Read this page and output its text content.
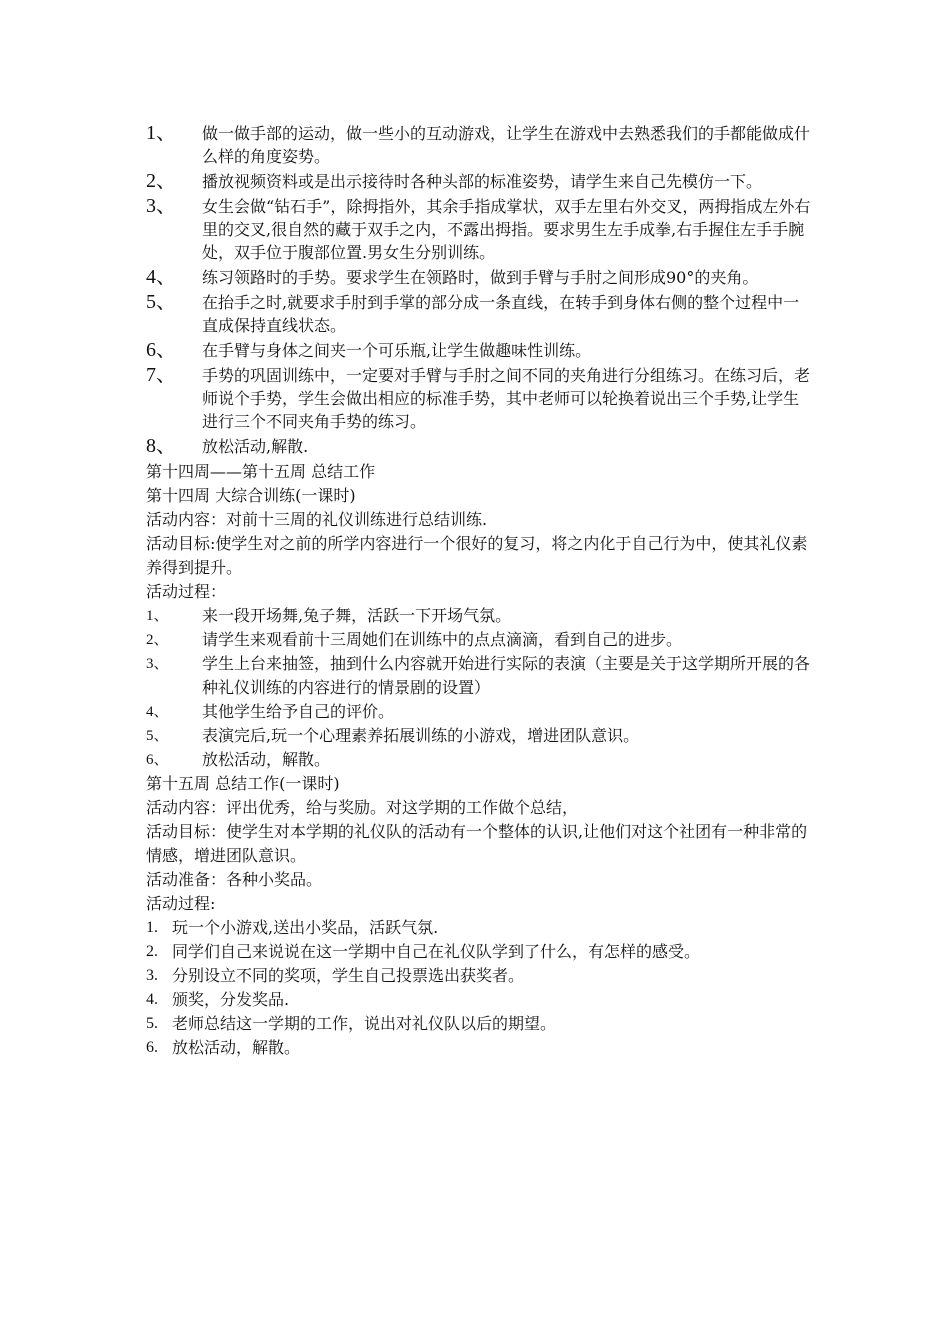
1、	做一做手部的运动，做一些小的互动游戏，让学生在游戏中去熟悉我们的手都能做成什么样的角度姿势。
2、	播放视频资料或是出示接待时各种头部的标准姿势，请学生来自己先模仿一下。
3、	女生会做“钻石手”，除拇指外，其余手指成掌状，双手左里右外交叉，两拇指成左外右里的交叉,很自然的藏于双手之内，不露出拇指。要求男生左手成拳,右手握住左手手腕处，双手位于腹部位置.男女生分别训练。
4、	练习领路时的手势。要求学生在领路时，做到手臂与手肘之间形成90°的夹角。
5、	在抬手之时,就要求手肘到手掌的部分成一条直线，在转手到身体右侧的整个过程中一直成保持直线状态。
6、	在手臂与身体之间夹一个可乐瓶,让学生做趣味性训练。
7、	手势的巩固训练中，一定要对手臂与手肘之间不同的夹角进行分组练习。在练习后，老师说个手势，学生会做出相应的标准手势，其中老师可以轮换着说出三个手势,让学生进行三个不同夹角手势的练习。
8、	放松活动,解散.
第十四周——第十五周 总结工作
第十四周 大综合训练(一课时)
活动内容：对前十三周的礼仪训练进行总结训练.
活动目标:使学生对之前的所学内容进行一个很好的复习，将之内化于自己行为中，使其礼仪素养得到提升。
活动过程：
1、	来一段开场舞,兔子舞，活跃一下开场气氛。
2、	请学生来观看前十三周她们在训练中的点点滴滴，看到自己的进步。
3、	学生上台来抽签，抽到什么内容就开始进行实际的表演（主要是关于这学期所开展的各种礼仪训练的内容进行的情景剧的设置）
4、	其他学生给予自己的评价。
5、	表演完后,玩一个心理素养拓展训练的小游戏，增进团队意识。
6、	放松活动，解散。
第十五周 总结工作(一课时)
活动内容：评出优秀，给与奖励。对这学期的工作做个总结，
活动目标：使学生对本学期的礼仪队的活动有一个整体的认识,让他们对这个社团有一种非常的情感，增进团队意识。
活动准备：各种小奖品。
活动过程:
1. 玩一个小游戏,送出小奖品，活跃气氛.
2. 同学们自己来说说在这一学期中自己在礼仪队学到了什么，有怎样的感受。
3. 分别设立不同的奖项，学生自己投票选出获奖者。
4. 颁奖，分发奖品.
5. 老师总结这一学期的工作，说出对礼仪队以后的期望。
6. 放松活动，解散。
